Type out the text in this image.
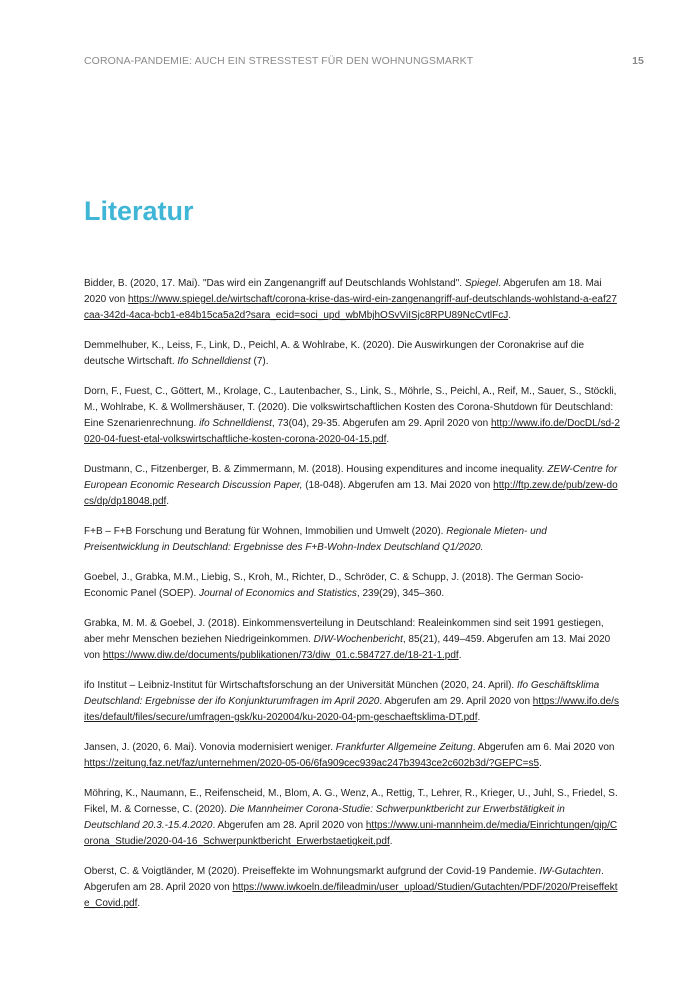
CORONA-PANDEMIE: AUCH EIN STRESSTEST FÜR DEN WOHNUNGSMARKT	15
Literatur

Bidder, B. (2020, 17. Mai). "Das wird ein Zangenangriff auf Deutschlands Wohlstand". Spiegel. Abgerufen am 18. Mai 2020 von https://www.spiegel.de/wirtschaft/corona-krise-das-wird-ein-zangenangriff-auf-deutschlands-wohlstand-a-eaf27caa-342d-4aca-bcb1-e84b15ca5a2d?sara_ecid=soci_upd_wbMbjhOSvViISjc8RPU89NcCvtlFcJ.

Demmelhuber, K., Leiss, F., Link, D., Peichl, A. & Wohlrabe, K. (2020). Die Auswirkungen der Coronakrise auf die deutsche Wirtschaft. Ifo Schnelldienst (7).

Dorn, F., Fuest, C., Göttert, M., Krolage, C., Lautenbacher, S., Link, S., Möhrle, S., Peichl, A., Reif, M., Sauer, S., Stöckli, M., Wohlrabe, K. & Wollmershäuser, T. (2020). Die volkswirtschaftlichen Kosten des Corona-Shutdown für Deutschland: Eine Szenarienrechnung. ifo Schnelldienst, 73(04), 29-35. Abgerufen am 29. April 2020 von http://www.ifo.de/DocDL/sd-2020-04-fuest-etal-volkswirtschaftliche-kosten-corona-2020-04-15.pdf.

Dustmann, C., Fitzenberger, B. & Zimmermann, M. (2018). Housing expenditures and income inequality. ZEW-Centre for European Economic Research Discussion Paper, (18-048). Abgerufen am 13. Mai 2020 von http://ftp.zew.de/pub/zew-docs/dp/dp18048.pdf.

F+B – F+B Forschung und Beratung für Wohnen, Immobilien und Umwelt (2020). Regionale Mieten- und Preisentwicklung in Deutschland: Ergebnisse des F+B-Wohn-Index Deutschland Q1/2020.

Goebel, J., Grabka, M.M., Liebig, S., Kroh, M., Richter, D., Schröder, C. & Schupp, J. (2018). The German Socio-Economic Panel (SOEP). Journal of Economics and Statistics, 239(29), 345–360.

Grabka, M. M. & Goebel, J. (2018). Einkommensverteilung in Deutschland: Realeinkommen sind seit 1991 gestiegen, aber mehr Menschen beziehen Niedrigeinkommen. DIW-Wochenbericht, 85(21), 449–459. Abgerufen am 13. Mai 2020 von https://www.diw.de/documents/publikationen/73/diw_01.c.584727.de/18-21-1.pdf.

ifo Institut – Leibniz-Institut für Wirtschaftsforschung an der Universität München (2020, 24. April). Ifo Geschäftsklima Deutschland: Ergebnisse der ifo Konjunkturumfragen im April 2020. Abgerufen am 29. April 2020 von https://www.ifo.de/sites/default/files/secure/umfragen-gsk/ku-202004/ku-2020-04-pm-geschaeftsklima-DT.pdf.

Jansen, J. (2020, 6. Mai). Vonovia modernisiert weniger. Frankfurter Allgemeine Zeitung. Abgerufen am 6. Mai 2020 von https://zeitung.faz.net/faz/unternehmen/2020-05-06/6fa909cec939ac247b3943ce2c602b3d/?GEPC=s5.

Möhring, K., Naumann, E., Reifenscheid, M., Blom, A. G., Wenz, A., Rettig, T., Lehrer, R., Krieger, U., Juhl, S., Friedel, S. Fikel, M. & Cornesse, C. (2020). Die Mannheimer Corona-Studie: Schwerpunktbericht zur Erwerbstätigkeit in Deutschland 20.3.-15.4.2020. Abgerufen am 28. April 2020 von https://www.uni-mannheim.de/media/Einrichtungen/gip/Corona_Studie/2020-04-16_Schwerpunktbericht_Erwerbstaetigkeit.pdf.

Oberst, C. & Voigtländer, M (2020). Preiseffekte im Wohnungsmarkt aufgrund der Covid-19 Pandemie. IW-Gutachten. Abgerufen am 28. April 2020 von https://www.iwkoeln.de/fileadmin/user_upload/Studien/Gutachten/PDF/2020/Preiseffekte_Covid.pdf.
